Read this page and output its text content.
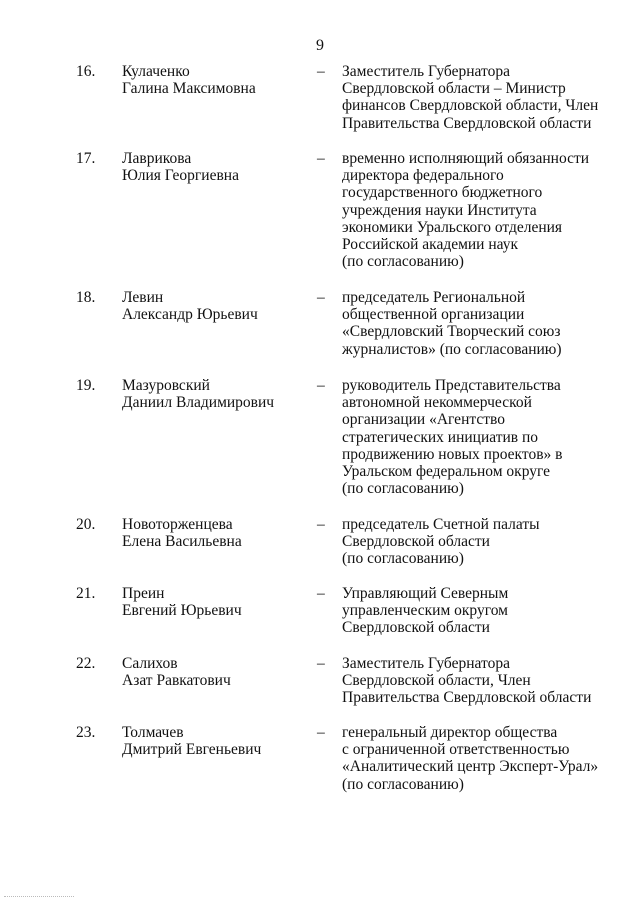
9
16. Кулаченко
Галина Максимовна
– Заместитель Губернатора
Свердловской области – Министр
финансов Свердловской области, Член
Правительства Свердловской области
17. Лаврикова
Юлия Георгиевна
– временно исполняющий обязанности
директора федерального
государственного бюджетного
учреждения науки Института
экономики Уральского отделения
Российской академии наук
(по согласованию)
18. Левин
Александр Юрьевич
– председатель Региональной
общественной организации
«Свердловский Творческий союз
журналистов» (по согласованию)
19. Мазуровский
Даниил Владимирович
– руководитель Представительства
автономной некоммерческой
организации «Агентство
стратегических инициатив по
продвижению новых проектов» в
Уральском федеральном округе
(по согласованию)
20. Новоторженцева
Елена Васильевна
– председатель Счетной палаты
Свердловской области
(по согласованию)
21. Преин
Евгений Юрьевич
– Управляющий Северным
управленческим округом
Свердловской области
22. Салихов
Азат Равкатович
– Заместитель Губернатора
Свердловской области, Член
Правительства Свердловской области
23. Толмачев
Дмитрий Евгеньевич
– генеральный директор общества
с ограниченной ответственностью
«Аналитический центр Эксперт-Урал»
(по согласованию)
